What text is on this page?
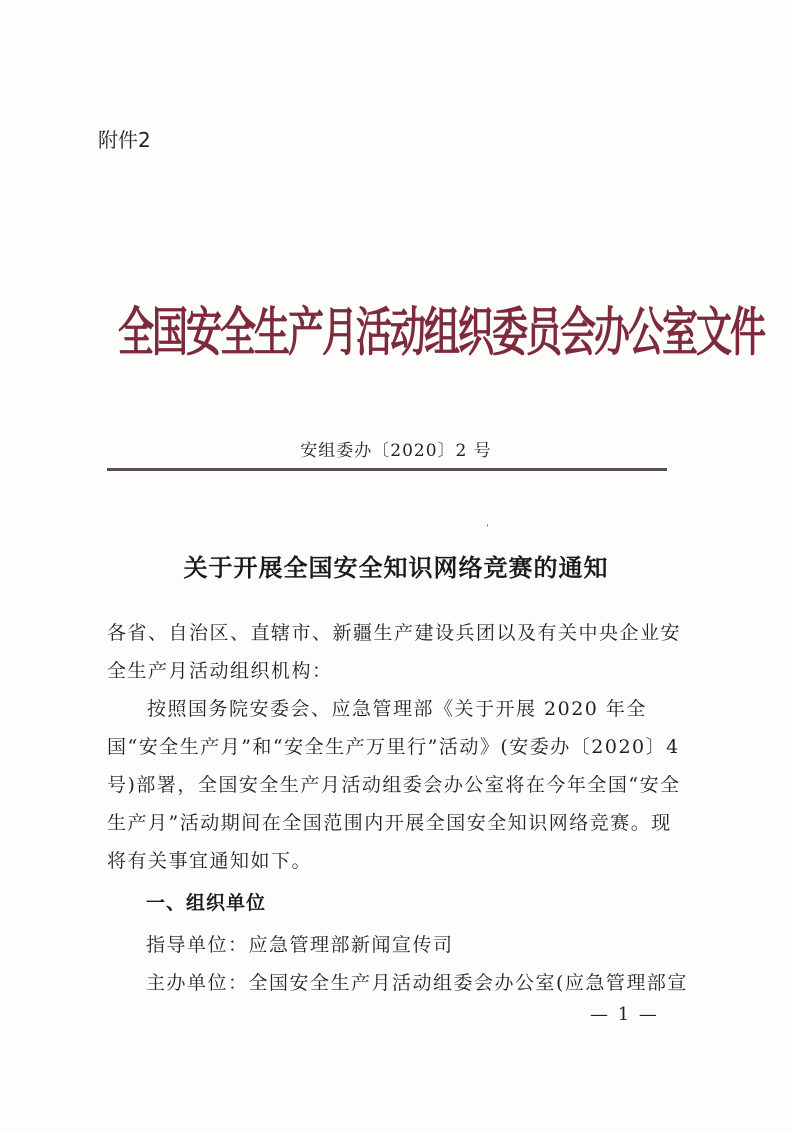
附件2
全国安全生产月活动组织委员会办公室文件
安组委办〔2020〕2 号
ˌ
关于开展全国安全知识网络竞赛的通知
各省、自治区、直辖市、新疆生产建设兵团以及有关中央企业安全生产月活动组织机构：
按照国务院安委会、应急管理部《关于开展 2020 年全国“安全生产月”和“安全生产万里行”活动》(安委办〔2020〕4 号)部署，全国安全生产月活动组委会办公室将在今年全国“安全生产月”活动期间在全国范围内开展全国安全知识网络竞赛。现将有关事宜通知如下。
一、组织单位
指导单位：应急管理部新闻宣传司
主办单位：全国安全生产月活动组委会办公室(应急管理部宣
— 1 —
